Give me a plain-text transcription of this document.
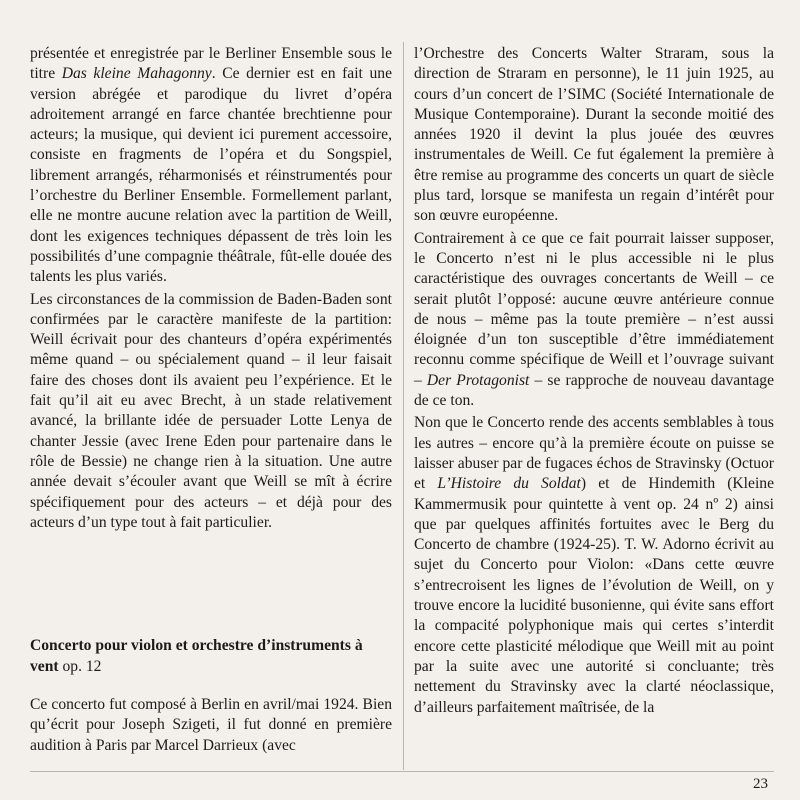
présentée et enregistrée par le Berliner Ensemble sous le titre Das kleine Mahagonny. Ce dernier est en fait une version abrégée et parodique du livret d’opéra adroitement arrangé en farce chantée brechtienne pour acteurs; la musique, qui devient ici purement accessoire, consiste en fragments de l’opéra et du Songspiel, librement arrangés, réharmonisés et réinstrumentés pour l’orchestre du Berliner Ensemble. Formellement parlant, elle ne montre aucune relation avec la partition de Weill, dont les exigences techniques dépassent de très loin les possibilités d’une compagnie théâtrale, fût-elle douée des talents les plus variés.

Les circonstances de la commission de Baden-Baden sont confirmées par le caractère manifeste de la partition: Weill écrivait pour des chanteurs d’opéra expérimentés même quand – ou spécialement quand – il leur faisait faire des choses dont ils avaient peu l’expérience. Et le fait qu’il ait eu avec Brecht, à un stade relativement avancé, la brillante idée de persuader Lotte Lenya de chanter Jessie (avec Irene Eden pour partenaire dans le rôle de Bessie) ne change rien à la situation. Une autre année devait s’écouler avant que Weill se mît à écrire spécifiquement pour des acteurs – et déjà pour des acteurs d’un type tout à fait particulier.

Concerto pour violon et orchestre d’instruments à vent op. 12

Ce concerto fut composé à Berlin en avril/mai 1924. Bien qu’écrit pour Joseph Szigeti, il fut donné en première audition à Paris par Marcel Darrieux (avec

l’Orchestre des Concerts Walter Straram, sous la direction de Straram en personne), le 11 juin 1925, au cours d’un concert de l’SIMC (Société Internationale de Musique Contemporaine). Durant la seconde moitié des années 1920 il devint la plus jouée des œuvres instrumentales de Weill. Ce fut également la première à être remise au programme des concerts un quart de siècle plus tard, lorsque se manifesta un regain d’intérêt pour son œuvre européenne.

Contrairement à ce que ce fait pourrait laisser supposer, le Concerto n’est ni le plus accessible ni le plus caractéristique des ouvrages concertants de Weill – ce serait plutôt l’opposé: aucune œuvre antérieure connue de nous – même pas la toute première – n’est aussi éloignée d’un ton susceptible d’être immédiatement reconnu comme spécifique de Weill et l’ouvrage suivant – Der Protagonist – se rapproche de nouveau davantage de ce ton.

Non que le Concerto rende des accents semblables à tous les autres – encore qu’à la première écoute on puisse se laisser abuser par de fugaces échos de Stravinsky (Octuor et L’Histoire du Soldat) et de Hindemith (Kleine Kammermusik pour quintette à vent op. 24 nº 2) ainsi que par quelques affinités fortuites avec le Berg du Concerto de chambre (1924-25). T. W. Adorno écrivit au sujet du Concerto pour Violon: «Dans cette œuvre s’entrecroisent les lignes de l’évolution de Weill, on y trouve encore la lucidité busonienne, qui évite sans effort la compacité polyphonique mais qui certes s’interdit encore cette plasticité mélodique que Weill mit au point par la suite avec une autorité si concluante; très nettement du Stravinsky avec la clarté néoclassique, d’ailleurs parfaitement maîtrisée, de la

23
